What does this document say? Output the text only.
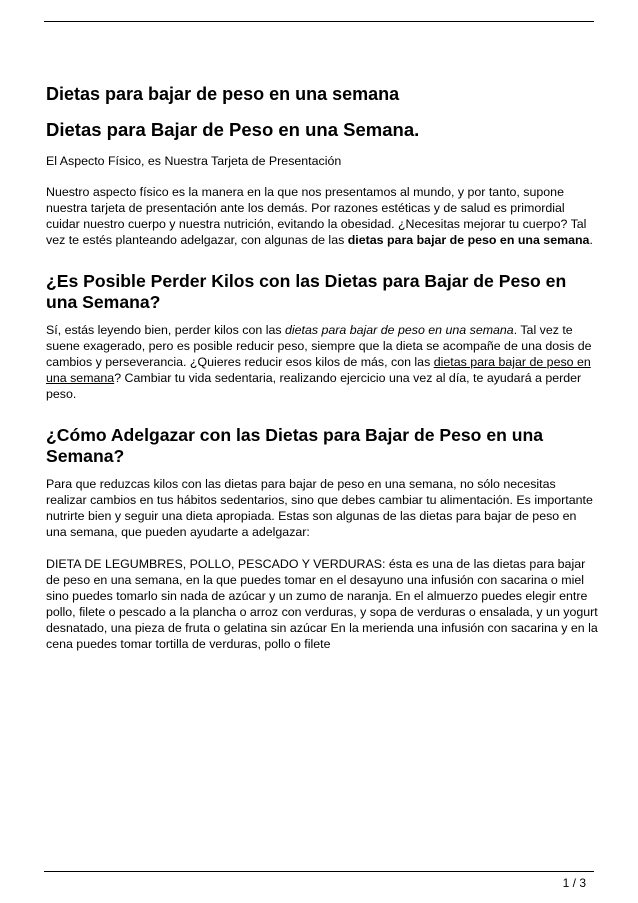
Dietas para bajar de peso en una semana
Dietas para Bajar de Peso en una Semana.

El Aspecto Físico, es Nuestra Tarjeta de Presentación

Nuestro aspecto físico es la manera en la que nos presentamos al mundo, y por tanto, supone nuestra tarjeta de presentación ante los demás. Por razones estéticas y de salud es primordial cuidar nuestro cuerpo y nuestra nutrición, evitando la obesidad. ¿Necesitas mejorar tu cuerpo? Tal vez te estés planteando adelgazar, con algunas de las dietas para bajar de peso en una semana.

¿Es Posible Perder Kilos con las Dietas para Bajar de Peso en una Semana?

Sí, estás leyendo bien, perder kilos con las dietas para bajar de peso en una semana. Tal vez te suene exagerado, pero es posible reducir peso, siempre que la dieta se acompañe de una dosis de cambios y perseverancia. ¿Quieres reducir esos kilos de más, con las dietas para bajar de peso en una semana? Cambiar tu vida sedentaria, realizando ejercicio una vez al día, te ayudará a perder peso.

¿Cómo Adelgazar con las Dietas para Bajar de Peso en una Semana?

Para que reduzcas kilos con las dietas para bajar de peso en una semana, no sólo necesitas realizar cambios en tus hábitos sedentarios, sino que debes cambiar tu alimentación. Es importante nutrirte bien y seguir una dieta apropiada. Estas son algunas de las dietas para bajar de peso en una semana, que pueden ayudarte a adelgazar:

DIETA DE LEGUMBRES, POLLO, PESCADO Y VERDURAS: ésta es una de las dietas para bajar de peso en una semana, en la que puedes tomar en el desayuno una infusión con sacarina o miel sino puedes tomarlo sin nada de azúcar y un zumo de naranja. En el almuerzo puedes elegir entre pollo, filete o pescado a la plancha o arroz con verduras, y sopa de verduras o ensalada, y un yogurt desnatado, una pieza de fruta o gelatina sin azúcar En la merienda una infusión con sacarina y en la cena puedes tomar tortilla de verduras, pollo o filete

1 / 3
